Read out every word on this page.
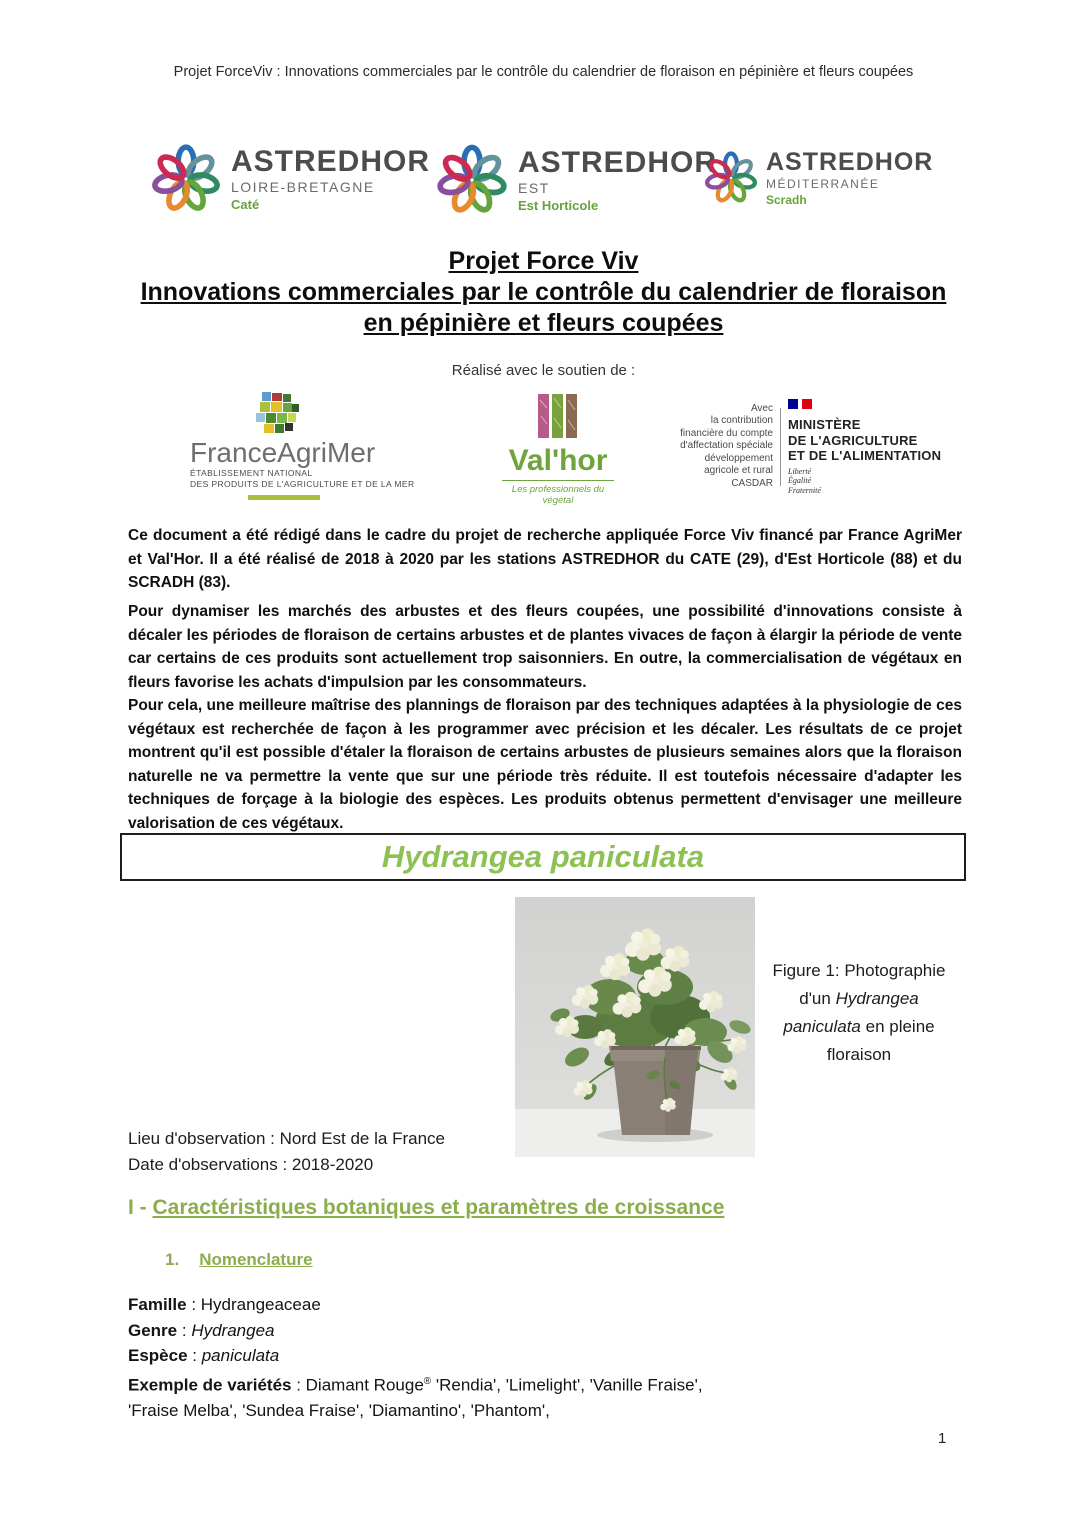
Projet ForceViv : Innovations commerciales par le contrôle du calendrier de floraison en pépinière et fleurs coupées
ASTREDHOR
LOIRE-BRETAGNE
Caté
ASTREDHOR
EST
Est Horticole
ASTREDHOR
MÉDITERRANÉE
Scradh
Projet Force Viv
Innovations commerciales par le contrôle du calendrier de floraison
en pépinière et fleurs coupées
Réalisé avec le soutien de :
FranceAgriMer
ÉTABLISSEMENT NATIONAL
DES PRODUITS DE L'AGRICULTURE ET DE LA MER
Val'hor
Les professionnels du végétal
Avec
la contribution
financière du compte
d'affectation spéciale
développement
agricole et rural
CASDAR
MINISTÈRE
DE L'AGRICULTURE
ET DE L'ALIMENTATION
Liberté
Égalité
Fraternité

Ce document a été rédigé dans le cadre du projet de recherche appliquée Force Viv financé par France AgriMer et Val'Hor. Il a été réalisé de 2018 à 2020 par les stations ASTREDHOR du CATE (29), d'Est Horticole (88) et du SCRADH (83).

Pour dynamiser les marchés des arbustes et des fleurs coupées, une possibilité d'innovations consiste à décaler les périodes de floraison de certains arbustes et de plantes vivaces de façon à élargir la période de vente car certains de ces produits sont actuellement trop saisonniers. En outre, la commercialisation de végétaux en fleurs favorise les achats d'impulsion par les consommateurs.

Pour cela, une meilleure maîtrise des plannings de floraison par des techniques adaptées à la physiologie de ces végétaux est recherchée de façon à les programmer avec précision et les décaler. Les résultats de ce projet montrent qu'il est possible d'étaler la floraison de certains arbustes de plusieurs semaines alors que la floraison naturelle ne va permettre la vente que sur une période très réduite. Il est toutefois nécessaire d'adapter les techniques de forçage à la biologie des espèces. Les produits obtenus permettent d'envisager une meilleure valorisation de ces végétaux.

Hydrangea paniculata
Figure 1: Photographie d'un Hydrangea paniculata en pleine floraison
Lieu d'observation : Nord Est de la France
Date d'observations : 2018-2020
I - Caractéristiques botaniques et paramètres de croissance
1. Nomenclature
Famille : Hydrangeaceae
Genre : Hydrangea
Espèce : paniculata
Exemple de variétés : Diamant Rouge® 'Rendia', 'Limelight', 'Vanille Fraise',
'Fraise Melba', 'Sundea Fraise', 'Diamantino', 'Phantom',
1
